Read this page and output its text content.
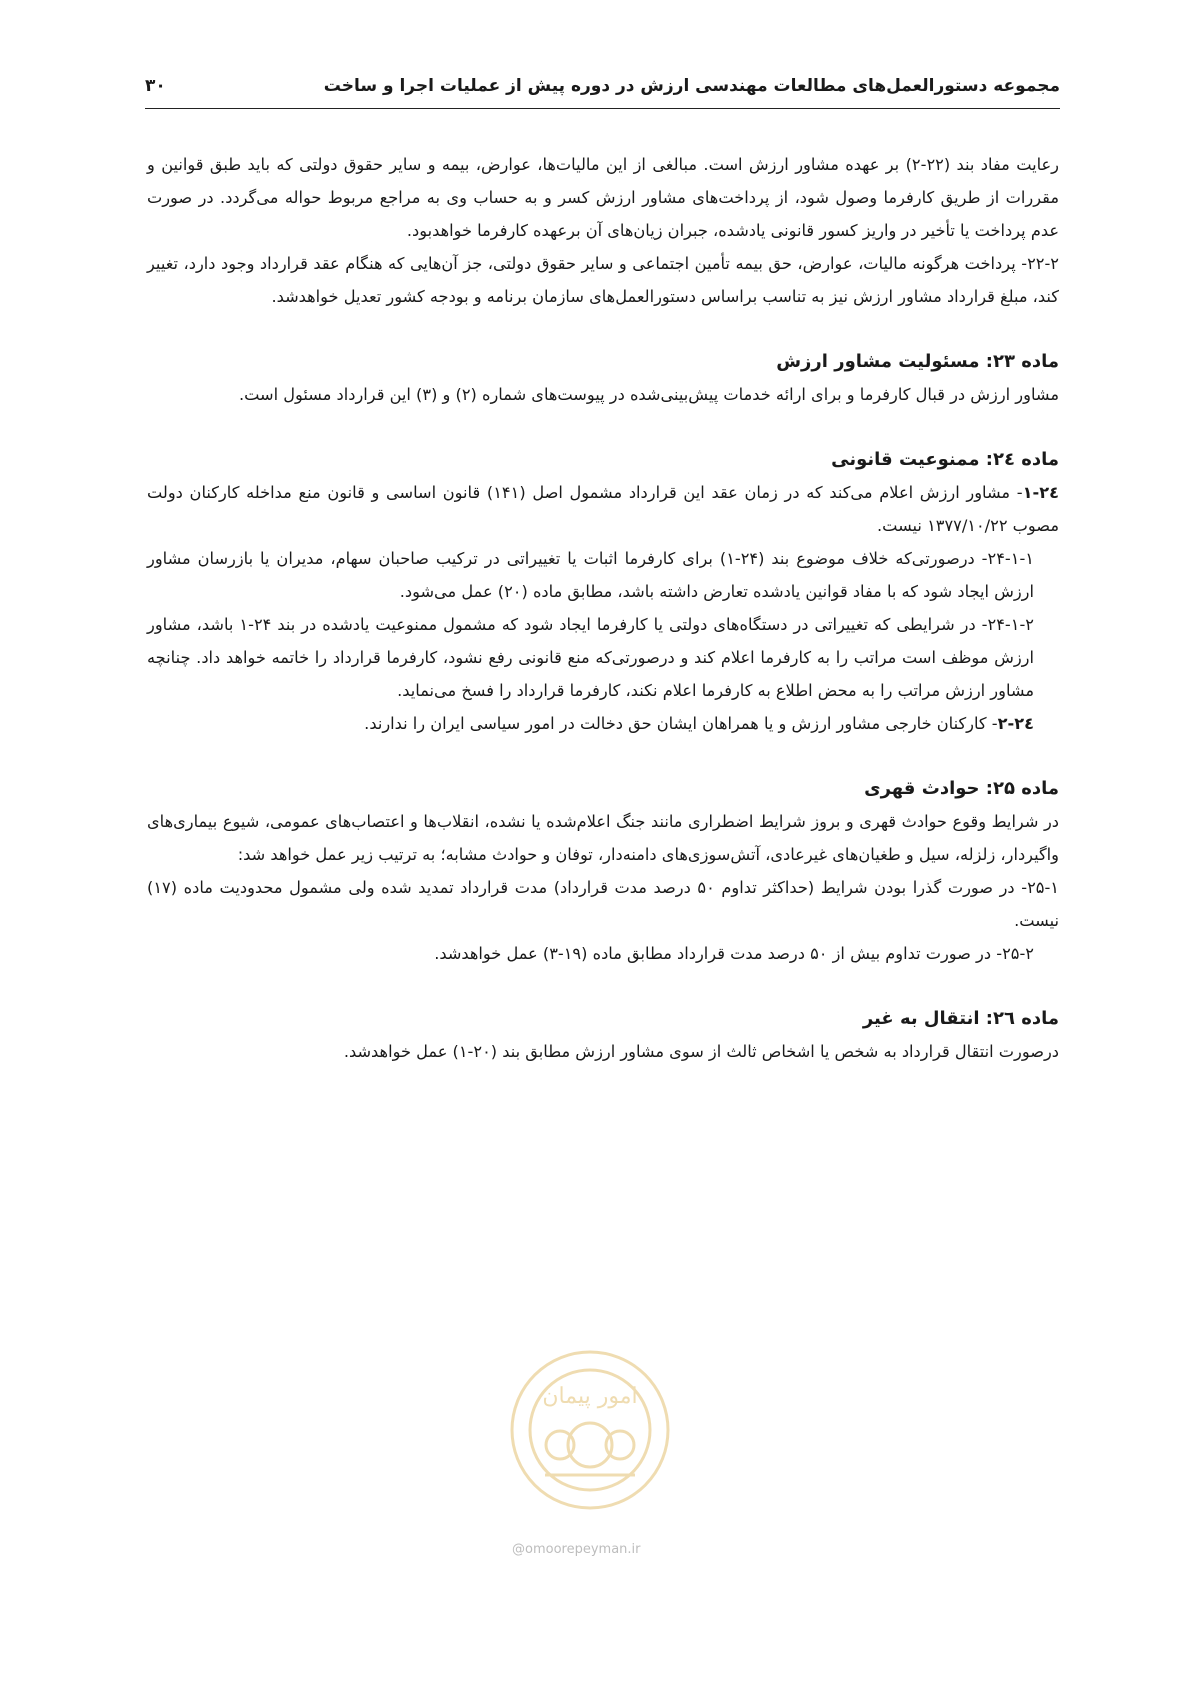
مجموعه دستورالعمل‌های مطالعات مهندسی ارزش در دوره پیش از عملیات اجرا و ساخت
۳۰

رعایت مفاد بند (۲۲-۲) بر عهده مشاور ارزش است. مبالغی از این مالیات‌ها، عوارض، بیمه و سایر حقوق دولتی که باید طبق قوانین و مقررات از طریق کارفرما وصول شود، از پرداخت‌های مشاور ارزش کسر و به حساب وی به مراجع مربوط حواله می‌گردد. در صورت عدم پرداخت یا تأخیر در واریز کسور قانونی یادشده، جبران زیان‌های آن برعهده کارفرما خواهدبود.

۲۲-۲- پرداخت هرگونه مالیات، عوارض، حق بیمه تأمین اجتماعی و سایر حقوق دولتی، جز آن‌هایی که هنگام عقد قرارداد وجود دارد، تغییر کند، مبلغ قرارداد مشاور ارزش نیز به تناسب براساس دستورالعمل‌های سازمان برنامه و بودجه کشور تعدیل خواهدشد.

ماده ۲۳: مسئولیت مشاور ارزش

مشاور ارزش در قبال کارفرما و برای ارائه خدمات پیش‌بینی‌شده در پیوست‌های شماره (۲) و (۳) این قرارداد مسئول است.

ماده ۲٤: ممنوعیت قانونی

۲٤-۱- مشاور ارزش اعلام می‌کند که در زمان عقد این قرارداد مشمول اصل (۱۴۱) قانون اساسی و قانون منع مداخله کارکنان دولت مصوب ۱۳۷۷/۱۰/۲۲ نیست.

۲۴-۱-۱- درصورتی‌که خلاف موضوع بند (۲۴-۱) برای کارفرما اثبات یا تغییراتی در ترکیب صاحبان سهام، مدیران یا بازرسان مشاور ارزش ایجاد شود که با مفاد قوانین یادشده تعارض داشته باشد، مطابق ماده (۲۰) عمل می‌شود.

۲۴-۱-۲- در شرایطی که تغییراتی در دستگاه‌های دولتی یا کارفرما ایجاد شود که مشمول ممنوعیت یادشده در بند ۲۴-۱ باشد، مشاور ارزش موظف است مراتب را به کارفرما اعلام کند و درصورتی‌که منع قانونی رفع نشود، کارفرما قرارداد را خاتمه خواهد داد. چنانچه مشاور ارزش مراتب را به محض اطلاع به کارفرما اعلام نکند، کارفرما قرارداد را فسخ می‌نماید.

۲٤-۲- کارکنان خارجی مشاور ارزش و یا همراهان ایشان حق دخالت در امور سیاسی ایران را ندارند.

ماده ۲۵: حوادث قهری

در شرایط وقوع حوادث قهری و بروز شرایط اضطراری مانند جنگ اعلام‌شده یا نشده، انقلاب‌ها و اعتصاب‌های عمومی، شیوع بیماری‌های واگیردار، زلزله، سیل و طغیان‌های غیرعادی، آتش‌سوزی‌های دامنه‌دار، توفان و حوادث مشابه؛ به ترتیب زیر عمل خواهد شد:

۲۵-۱- در صورت گذرا بودن شرایط (حداکثر تداوم ۵۰ درصد مدت قرارداد) مدت قرارداد تمدید شده ولی مشمول محدودیت ماده (۱۷) نیست.

۲۵-۲- در صورت تداوم بیش از ۵۰ درصد مدت قرارداد مطابق ماده (۱۹-۳) عمل خواهدشد.

ماده ۲٦: انتقال به غیر

درصورت انتقال قرارداد به شخص یا اشخاص ثالث از سوی مشاور ارزش مطابق بند (۲۰-۱) عمل خواهدشد.

امور پیمان
@omoorepeyman.ir
